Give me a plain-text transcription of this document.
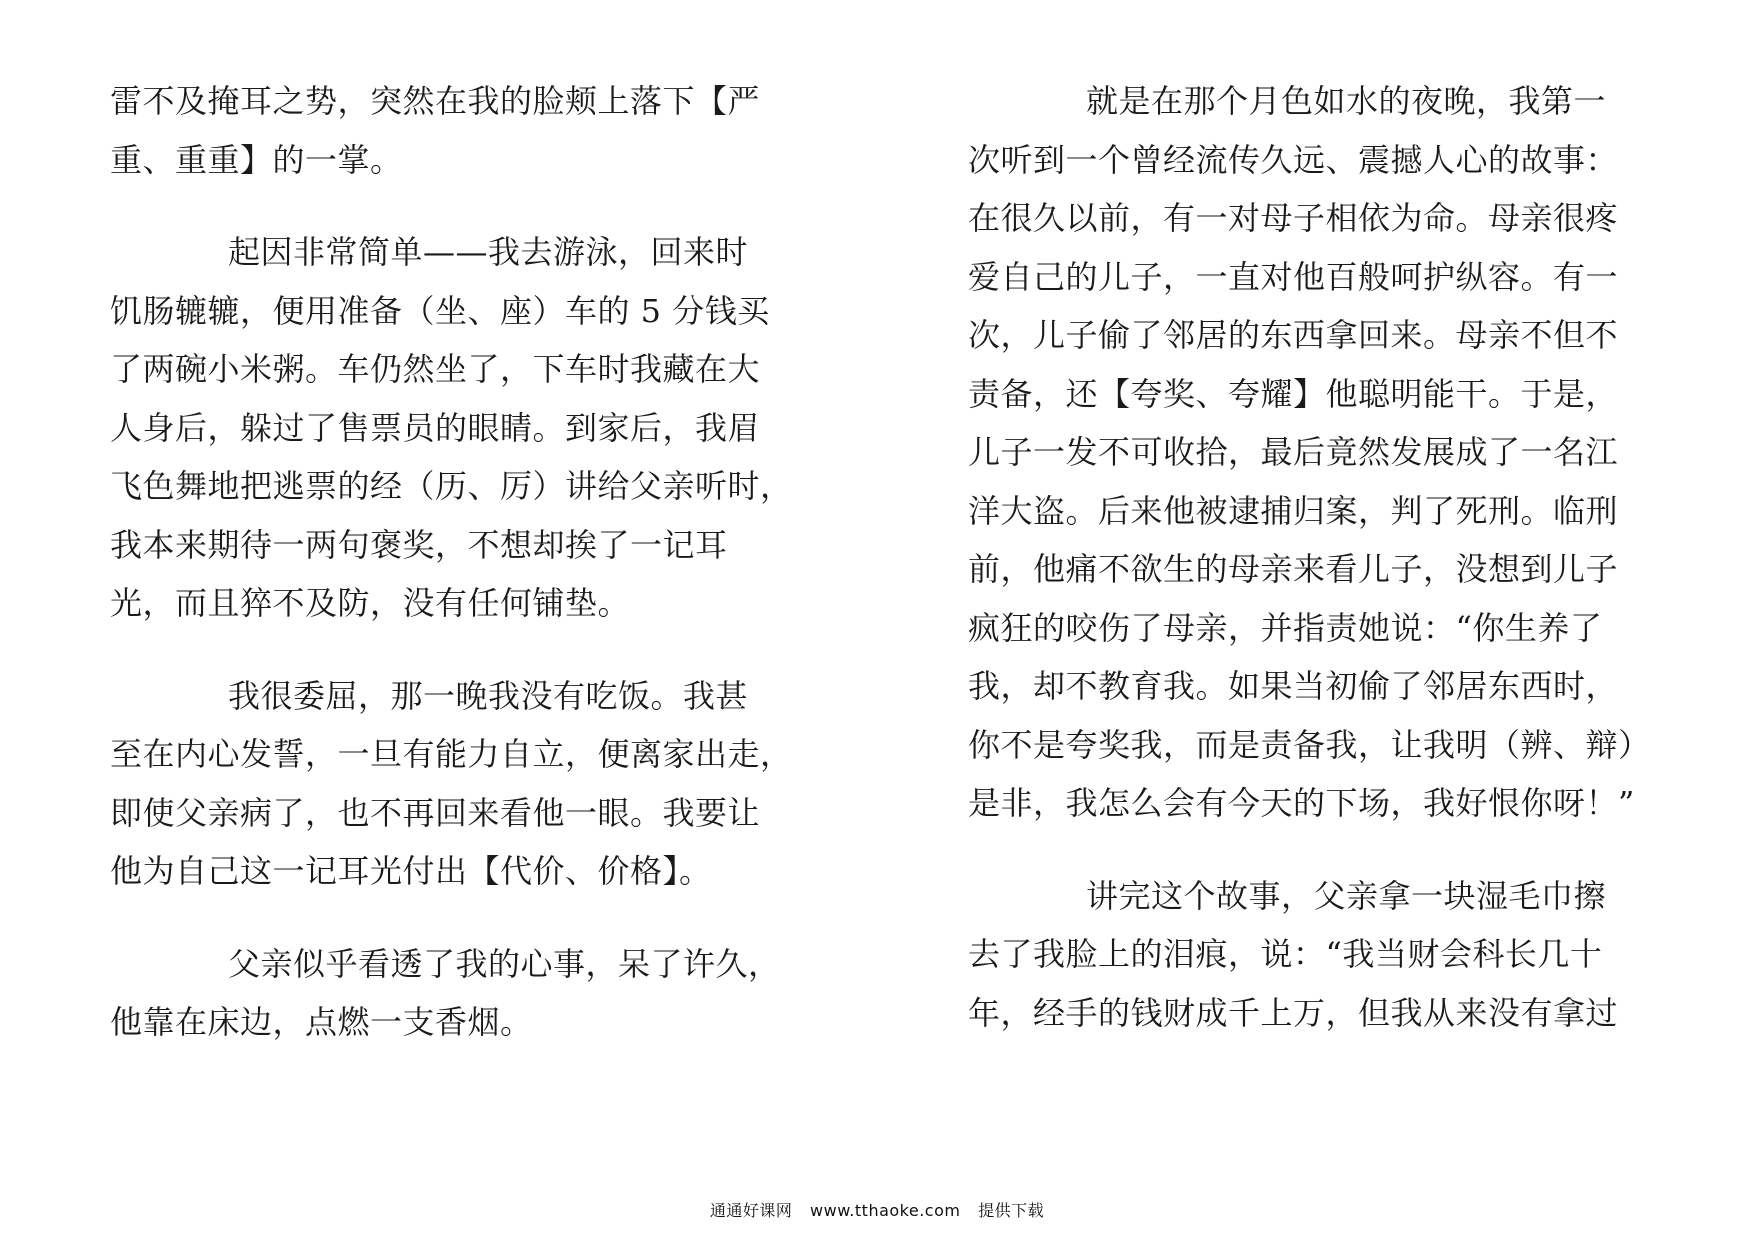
雷不及掩耳之势，突然在我的脸颊上落下【严
重、重重】的一掌。
起因非常简单——我去游泳，回来时
饥肠辘辘，便用准备（坐、座）车的 5 分钱买
了两碗小米粥。车仍然坐了，下车时我藏在大
人身后，躲过了售票员的眼睛。到家后，我眉
飞色舞地把逃票的经（历、厉）讲给父亲听时，
我本来期待一两句褒奖，不想却挨了一记耳
光，而且猝不及防，没有任何铺垫。
我很委屈，那一晚我没有吃饭。我甚
至在内心发誓，一旦有能力自立，便离家出走，
即使父亲病了，也不再回来看他一眼。我要让
他为自己这一记耳光付出【代价、价格】。
父亲似乎看透了我的心事，呆了许久，
他靠在床边，点燃一支香烟。
就是在那个月色如水的夜晚，我第一
次听到一个曾经流传久远、震撼人心的故事：
在很久以前，有一对母子相依为命。母亲很疼
爱自己的儿子，一直对他百般呵护纵容。有一
次，儿子偷了邻居的东西拿回来。母亲不但不
责备，还【夸奖、夸耀】他聪明能干。于是，
儿子一发不可收拾，最后竟然发展成了一名江
洋大盗。后来他被逮捕归案，判了死刑。临刑
前，他痛不欲生的母亲来看儿子，没想到儿子
疯狂的咬伤了母亲，并指责她说：“你生养了
我，却不教育我。如果当初偷了邻居东西时，
你不是夸奖我，而是责备我，让我明（辨、辩）
是非，我怎么会有今天的下场，我好恨你呀！”
讲完这个故事，父亲拿一块湿毛巾擦
去了我脸上的泪痕，说：“我当财会科长几十
年，经手的钱财成千上万，但我从来没有拿过
通通好课网 www.tthaoke.com 提供下载
